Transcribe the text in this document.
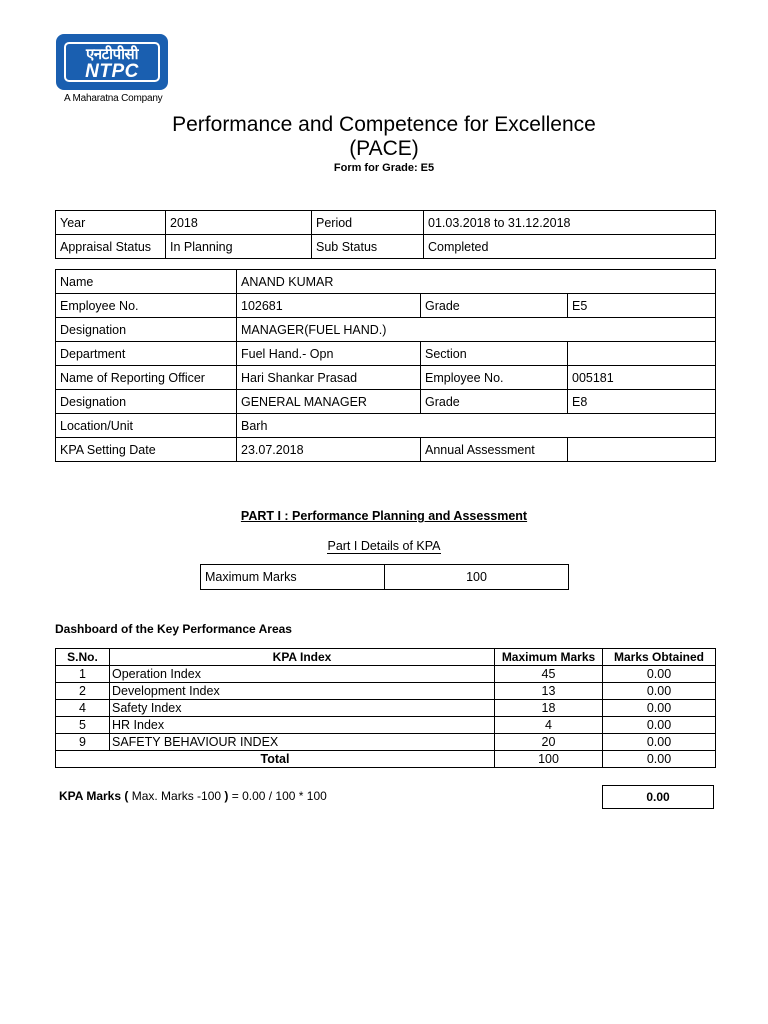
एनटीपीसी
NTPC
A Maharatna Company
Performance and Competence for Excellence
(PACE)
Form for Grade: E5
Year	2018	Period	01.03.2018 to 31.12.2018
Appraisal Status	In Planning	Sub Status	Completed
Name	ANAND KUMAR		
Employee No.	102681	Grade	E5
Designation	MANAGER(FUEL HAND.)		
Department	Fuel Hand.- Opn	Section	
Name of Reporting Officer	Hari Shankar Prasad	Employee No.	005181
Designation	GENERAL MANAGER	Grade	E8
Location/Unit	Barh		
KPA Setting Date	23.07.2018	Annual Assessment	
PART I : Performance Planning and Assessment
Part I Details of KPA
Maximum Marks	100
Dashboard of the Key Performance Areas
S.No.	KPA Index	Maximum Marks	Marks Obtained
1	Operation Index	45	0.00
2	Development Index	13	0.00
4	Safety Index	18	0.00
5	HR Index	4	0.00
9	SAFETY BEHAVIOUR INDEX	20	0.00
Total		100	0.00
KPA Marks ( Max. Marks -100 ) = 0.00 / 100 * 100	0.00
